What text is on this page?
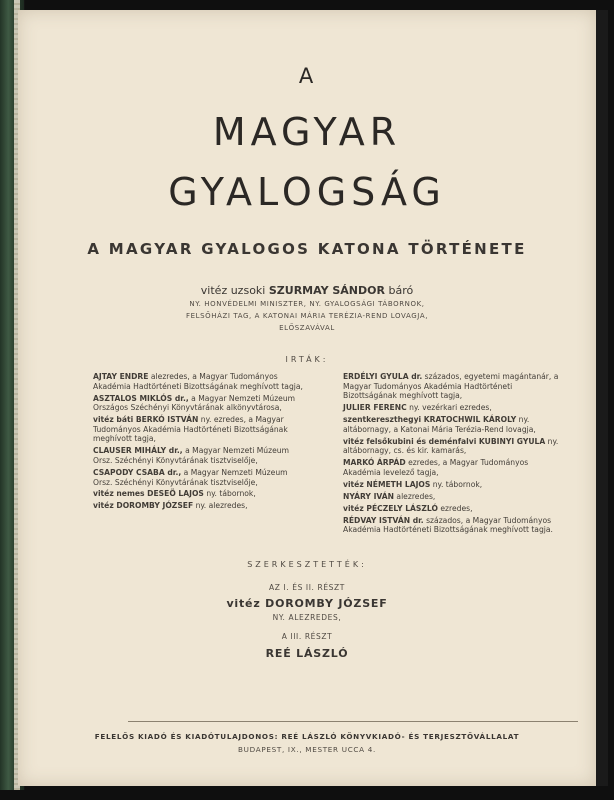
A
MAGYAR
GYALOGSÁG
A MAGYAR GYALOGOS KATONA TÖRTÉNETE
vitéz uzsoki SZURMAY SÁNDOR báró
NY. HONVÉDELMI MINISZTER, NY. GYALOGSÁGI TÁBORNOK,
FELSŐHÁZI TAG, A KATONAI MÁRIA TERÉZIA-REND LOVAGJA,
ELŐSZAVÁVAL
IRTÁK:
AJTAY ENDRE alezredes, a Magyar Tudományos Akadémia Hadtörténeti Bizottságának meghívott tagja,
ASZTALOS MIKLÓS dr., a Magyar Nemzeti Múzeum Országos Széchényi Könyvtárának alkönyvtárosa,
vitéz báti BERKÓ ISTVÁN ny. ezredes, a Magyar Tudományos Akadémia Hadtörténeti Bizottságának meghívott tagja,
CLAUSER MIHÁLY dr., a Magyar Nemzeti Múzeum Orsz. Széchényi Könyvtárának tisztviselője,
CSAPODY CSABA dr., a Magyar Nemzeti Múzeum Orsz. Széchényi Könyvtárának tisztviselője,
vitéz nemes DESEÖ LAJOS ny. tábornok,
vitéz DOROMBY JÓZSEF ny. alezredes,
ERDÉLYI GYULA dr. százados, egyetemi magántanár, a Magyar Tudományos Akadémia Hadtörténeti Bizottságának meghívott tagja,
JULIER FERENC ny. vezérkari ezredes,
szentkereszthegyi KRATOCHWIL KÁROLY ny. altábornagy, a Katonai Mária Terézia-Rend lovagja,
vitéz felsőkubini és deménfalvi KUBINYI GYULA ny. altábornagy, cs. és kir. kamarás,
MARKÓ ÁRPÁD ezredes, a Magyar Tudományos Akadémia levelező tagja,
vitéz NÉMETH LAJOS ny. tábornok,
NYÁRY IVÁN alezredes,
vitéz PÉCZELY LÁSZLÓ ezredes,
RÉDVAY ISTVÁN dr. százados, a Magyar Tudományos Akadémia Hadtörténeti Bizottságának meghívott tagja.
SZERKESZTETTÉK:
AZ I. ÉS II. RÉSZT
vitéz DOROMBY JÓZSEF
NY. ALEZREDES,
A III. RÉSZT
REÉ LÁSZLÓ
FELELŐS KIADÓ ÉS KIADÓTULAJDONOS: REÉ LÁSZLÓ KÖNYVKIADÓ- ÉS TERJESZTŐVÁLLALAT
BUDAPEST, IX., MESTER UCCA 4.
